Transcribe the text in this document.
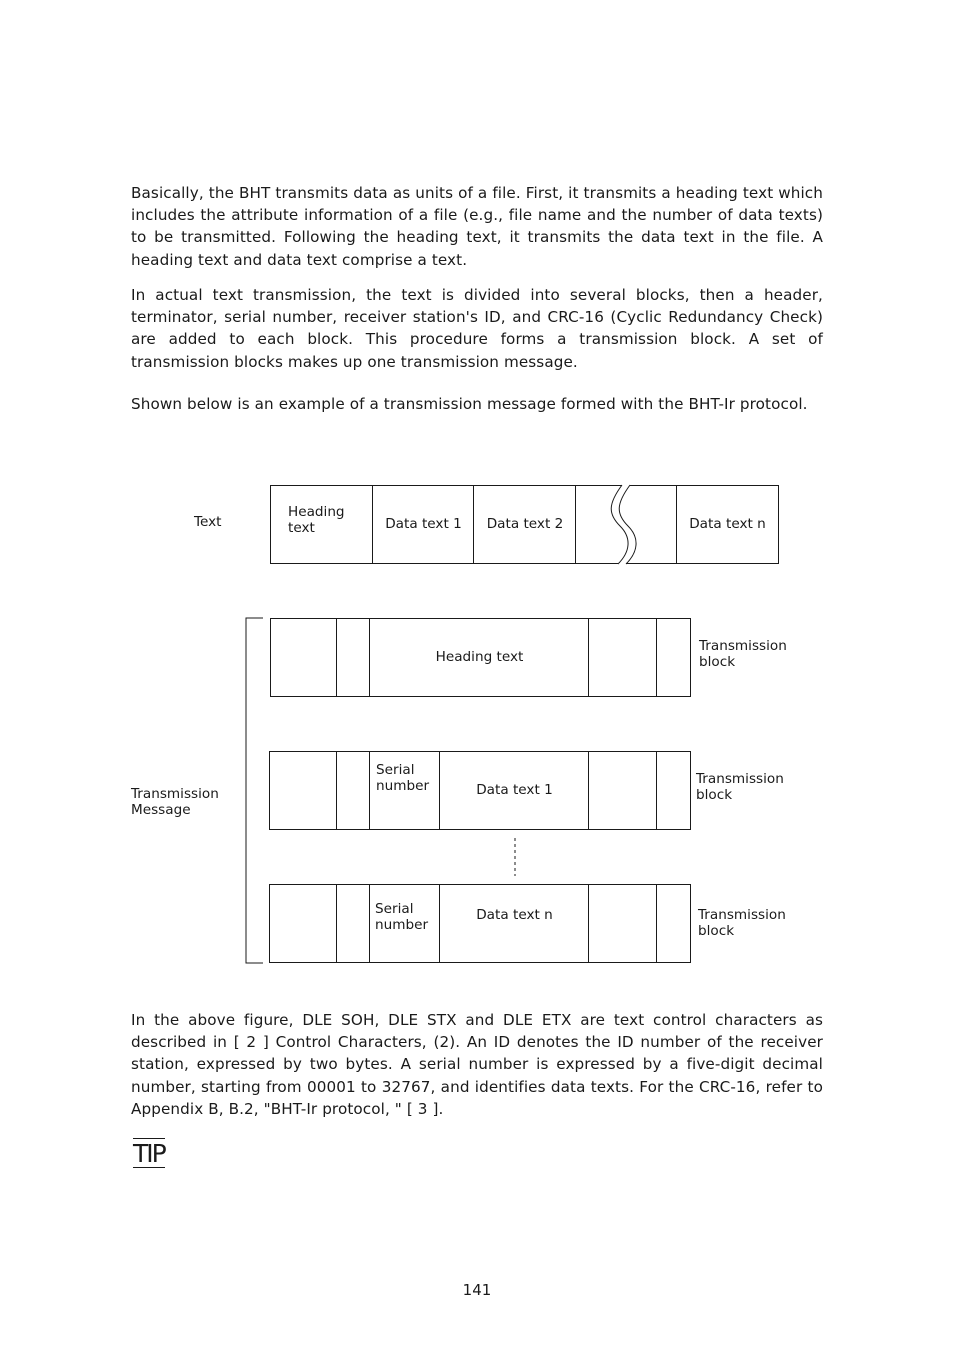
Basically, the BHT transmits data as units of a file. First, it transmits a heading text which includes the attribute information of a file (e.g., file name and the number of data texts) to be transmitted. Following the heading text, it transmits the data text in the file. A heading text and data text comprise a text.

In actual text transmission, the text is divided into several blocks, then a header, terminator, serial number, receiver station's ID, and CRC-16 (Cyclic Redundancy Check) are added to each block. This procedure forms a transmission block. A set of transmission blocks makes up one transmission message.

Shown below is an example of a transmission message formed with the BHT-Ir protocol.

Text
Heading
text	Data text 1	Data text 2	Data text n
Transmission
Message
Heading text
Transmission
block
Serial
number	Data text 1
Transmission
block
Serial
number
Data text n	Transmission
block

In the above figure, DLE SOH, DLE STX and DLE ETX are text control characters as described in [ 2 ] Control Characters, (2). An ID denotes the ID number of the receiver station, expressed by two bytes. A serial number is expressed by a five-digit decimal number, starting from 00001 to 32767, and identifies data texts. For the CRC-16, refer to Appendix B, B.2, "BHT-Ir protocol, " [ 3 ].

TIP
141
